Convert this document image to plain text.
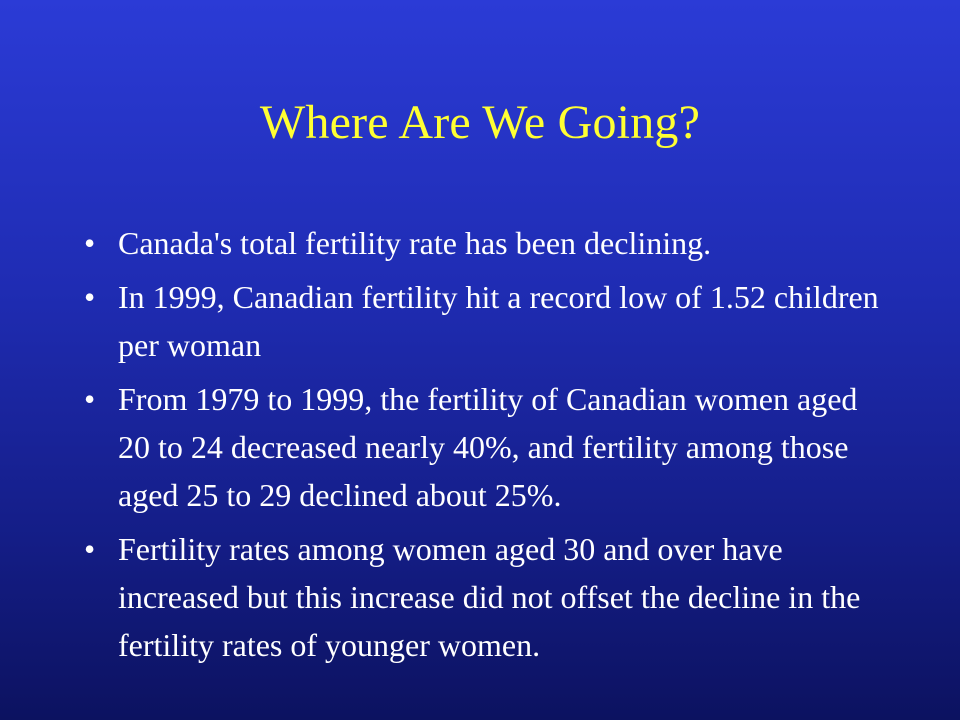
Where Are We Going?
• Canada's total fertility rate has been declining.
• In 1999, Canadian fertility hit a record low of 1.52 children per woman
• From 1979 to 1999, the fertility of Canadian women aged 20 to 24 decreased nearly 40%, and fertility among those aged 25 to 29 declined about 25%.
• Fertility rates among women aged 30 and over have increased but this increase did not offset the decline in the fertility rates of younger women.
